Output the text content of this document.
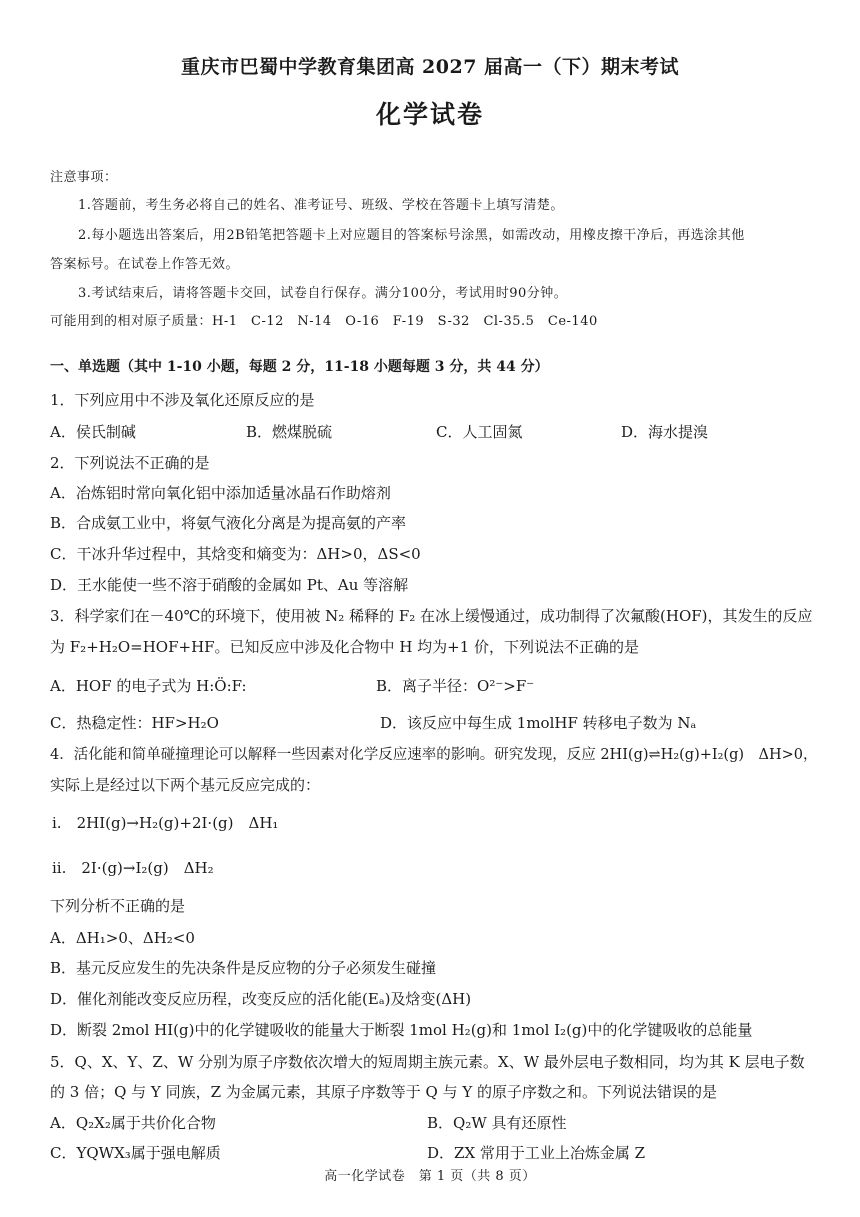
重庆市巴蜀中学教育集团高 2027 届高一（下）期末考试
化学试卷
注意事项：
1.答题前，考生务必将自己的姓名、准考证号、班级、学校在答题卡上填写清楚。
2.每小题选出答案后，用2B铅笔把答题卡上对应题目的答案标号涂黑，如需改动，用橡皮擦干净后，再选涂其他
答案标号。在试卷上作答无效。
3.考试结束后，请将答题卡交回，试卷自行保存。满分100分，考试用时90分钟。
可能用到的相对原子质量：H-1　C-12　N-14　O-16　F-19　S-32　Cl-35.5　Ce-140
一、单选题（其中 1-10 小题，每题 2 分，11-18 小题每题 3 分，共 44 分）
1．下列应用中不涉及氧化还原反应的是
A．侯氏制碱	B．燃煤脱硫	C．人工固氮	D．海水提溴
2．下列说法不正确的是
A．冶炼铝时常向氧化铝中添加适量冰晶石作助熔剂
B．合成氨工业中，将氨气液化分离是为提高氨的产率
C．干冰升华过程中，其焓变和熵变为：ΔH>0，ΔS<0
D．王水能使一些不溶于硝酸的金属如 Pt、Au 等溶解
3．科学家们在－40℃的环境下，使用被 N₂ 稀释的 F₂ 在冰上缓慢通过，成功制得了次氟酸(HOF)，其发生的反应
为 F₂+H₂O=HOF+HF。已知反应中涉及化合物中 H 均为+1 价，下列说法不正确的是
A．HOF 的电子式为 H:Ö:F:	B．离子半径：O²⁻>F⁻
C．热稳定性：HF>H₂O	D．该反应中每生成 1molHF 转移电子数为 Nₐ
4．活化能和简单碰撞理论可以解释一些因素对化学反应速率的影响。研究发现，反应 2HI(g)⇌H₂(g)+I₂(g)　ΔH>0，
实际上是经过以下两个基元反应完成的：
i.　2HI(g)→H₂(g)+2I·(g)　ΔH₁
ii.　2I·(g)→I₂(g)　ΔH₂
下列分析不正确的是
A．ΔH₁>0、ΔH₂<0
B．基元反应发生的先决条件是反应物的分子必须发生碰撞
D．催化剂能改变反应历程，改变反应的活化能(Eₐ)及焓变(ΔH)
D．断裂 2mol HI(g)中的化学键吸收的能量大于断裂 1mol H₂(g)和 1mol I₂(g)中的化学键吸收的总能量
5．Q、X、Y、Z、W 分别为原子序数依次增大的短周期主族元素。X、W 最外层电子数相同，均为其 K 层电子数
的 3 倍；Q 与 Y 同族，Z 为金属元素，其原子序数等于 Q 与 Y 的原子序数之和。下列说法错误的是
A．Q₂X₂属于共价化合物	B．Q₂W 具有还原性
C．YQWX₃属于强电解质	D．ZX 常用于工业上冶炼金属 Z
高一化学试卷　第 1 页（共 8 页）
